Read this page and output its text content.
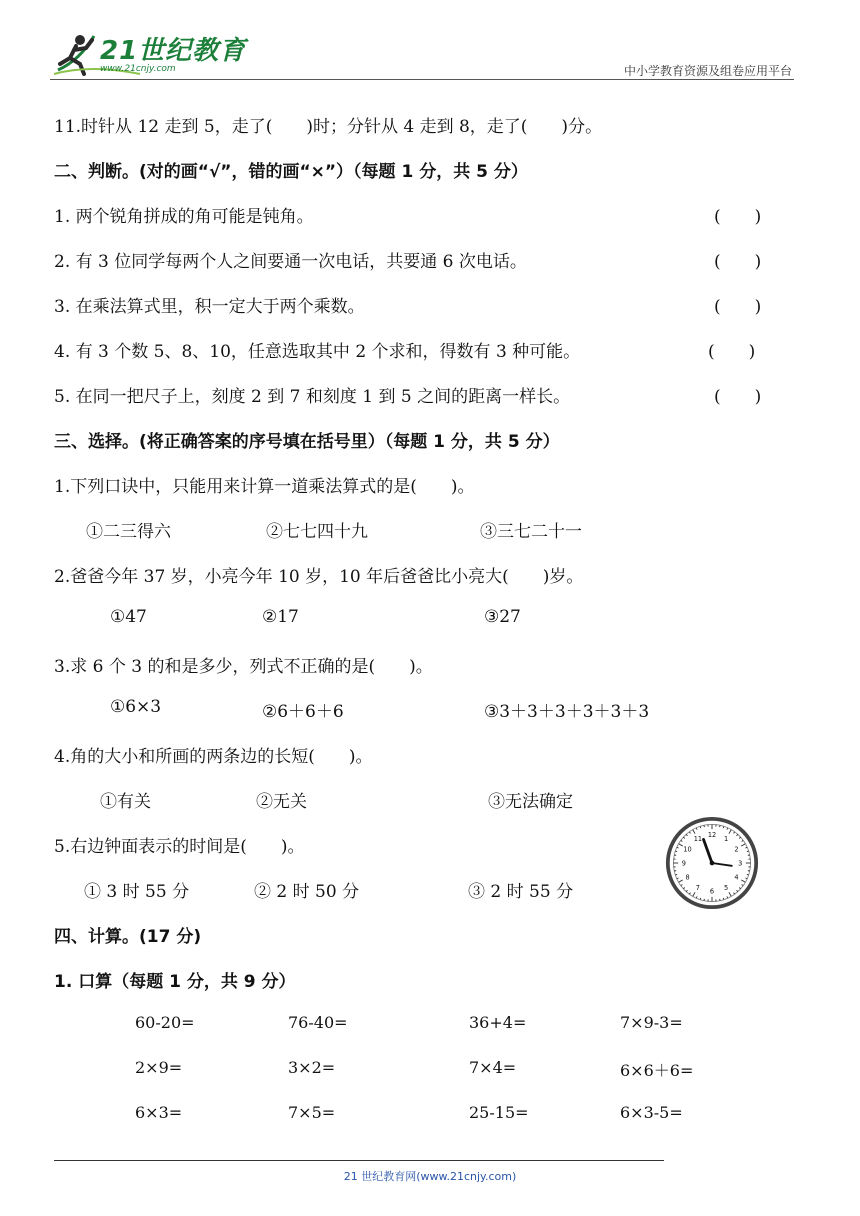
21世纪教育
www.21cnjy.com	中小学教育资源及组卷应用平台
11.时针从 12 走到 5，走了(　　)时；分针从 4 走到 8，走了(　　)分。
二、判断。(对的画“√”，错的画“×”）（每题 1 分，共 5 分）
1. 两个锐角拼成的角可能是钝角。	(　　)
2. 有 3 位同学每两个人之间要通一次电话，共要通 6 次电话。	(　　)
3. 在乘法算式里，积一定大于两个乘数。	(　　)
4. 有 3 个数 5、8、10，任意选取其中 2 个求和，得数有 3 种可能。	(　　)
5. 在同一把尺子上，刻度 2 到 7 和刻度 1 到 5 之间的距离一样长。	(　　)
三、选择。(将正确答案的序号填在括号里）（每题 1 分，共 5 分）
1.下列口诀中，只能用来计算一道乘法算式的是(　　)。
①二三得六	②七七四十九	③三七二十一
2.爸爸今年 37 岁，小亮今年 10 岁，10 年后爸爸比小亮大(　　)岁。
①47	②17	③27
3.求 6 个 3 的和是多少，列式不正确的是(　　)。
①6×3	②6＋6＋6	③3＋3＋3＋3＋3＋3
4.角的大小和所画的两条边的长短(　　)。
①有关	②无关	③无法确定
5.右边钟面表示的时间是(　　)。
① 3 时 55 分	② 2 时 50 分	③ 2 时 55 分
1
2
3
4
5
6
7
8
9
10
11 12
四、计算。(17 分)
1. 口算（每题 1 分，共 9 分）
60-20=	76-40=	36+4=	7×9-3=
2×9=	3×2=	7×4=	6×6＋6=
6×3=	7×5=	25-15=	6×3-5=
21 世纪教育网(www.21cnjy.com)
